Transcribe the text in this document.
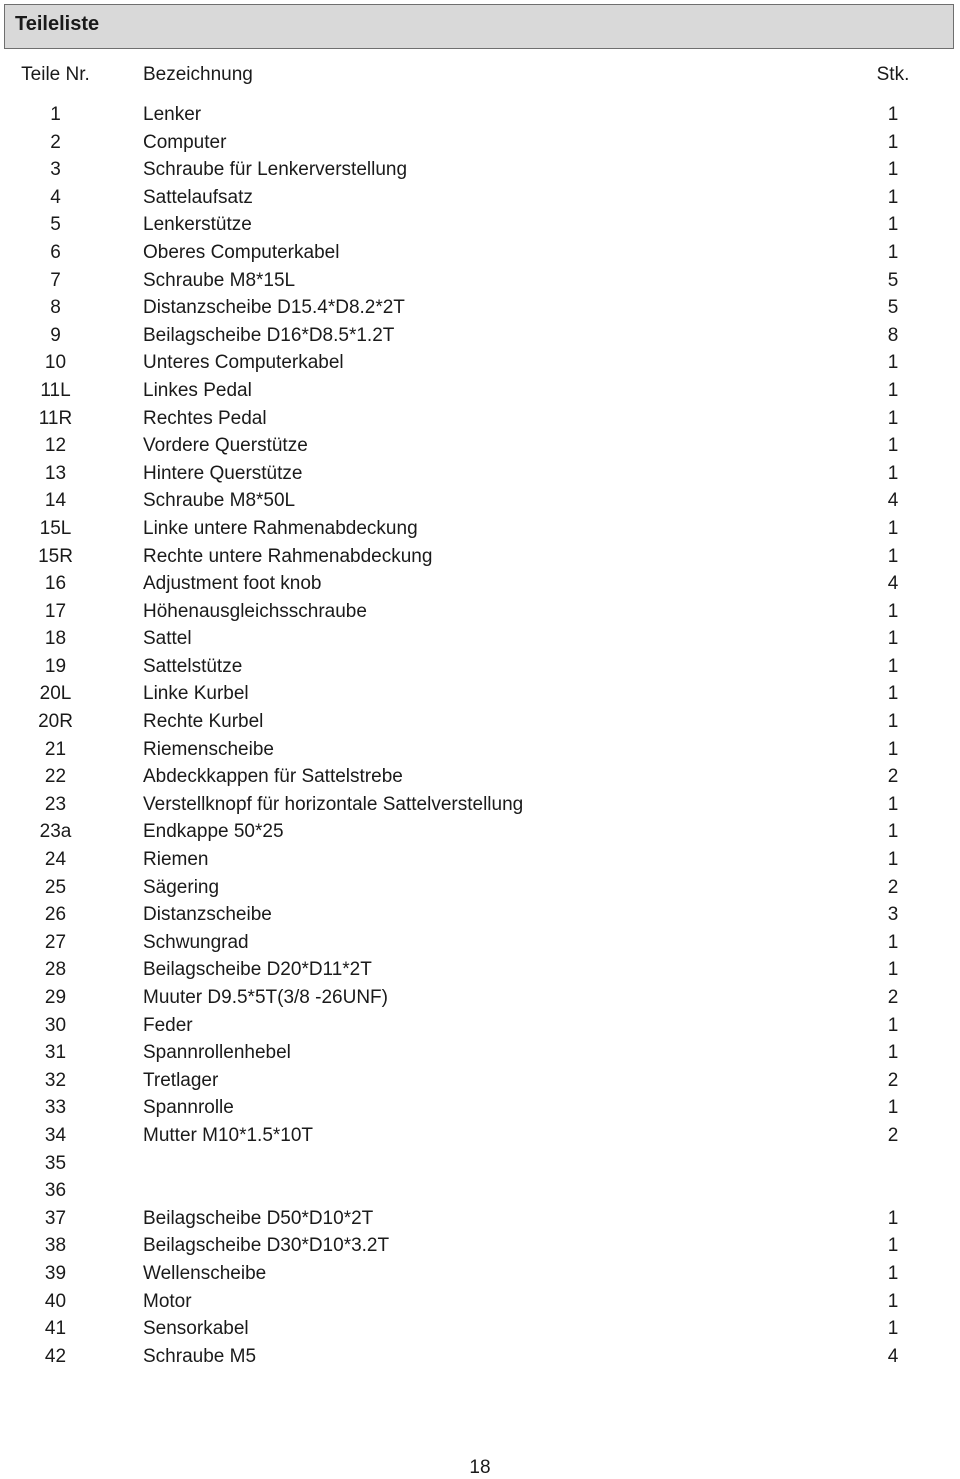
Teileliste
Teile Nr.	Bezeichnung	Stk.
1	Lenker	1
2	Computer	1
3	Schraube für Lenkerverstellung	1
4	Sattelaufsatz	1
5	Lenkerstütze	1
6	Oberes Computerkabel	1
7	Schraube M8*15L	5
8	Distanzscheibe D15.4*D8.2*2T	5
9	Beilagscheibe D16*D8.5*1.2T	8
10	Unteres Computerkabel	1
11L	Linkes Pedal	1
11R	Rechtes Pedal	1
12	Vordere Querstütze	1
13	Hintere Querstütze	1
14	Schraube M8*50L	4
15L	Linke untere Rahmenabdeckung	1
15R	Rechte untere Rahmenabdeckung	1
16	Adjustment foot knob	4
17	Höhenausgleichsschraube	1
18	Sattel	1
19	Sattelstütze	1
20L	Linke Kurbel	1
20R	Rechte Kurbel	1
21	Riemenscheibe	1
22	Abdeckkappen für Sattelstrebe	2
23	Verstellknopf für horizontale Sattelverstellung	1
23a	Endkappe 50*25	1
24	Riemen	1
25	Sägering	2
26	Distanzscheibe	3
27	Schwungrad	1
28	Beilagscheibe D20*D11*2T	1
29	Muuter D9.5*5T(3/8 -26UNF)	2
30	Feder	1
31	Spannrollenhebel	1
32	Tretlager	2
33	Spannrolle	1
34	Mutter M10*1.5*10T	2
35
36
37	Beilagscheibe D50*D10*2T	1
38	Beilagscheibe D30*D10*3.2T	1
39	Wellenscheibe	1
40	Motor	1
41	Sensorkabel	1
42	Schraube M5	4
18
